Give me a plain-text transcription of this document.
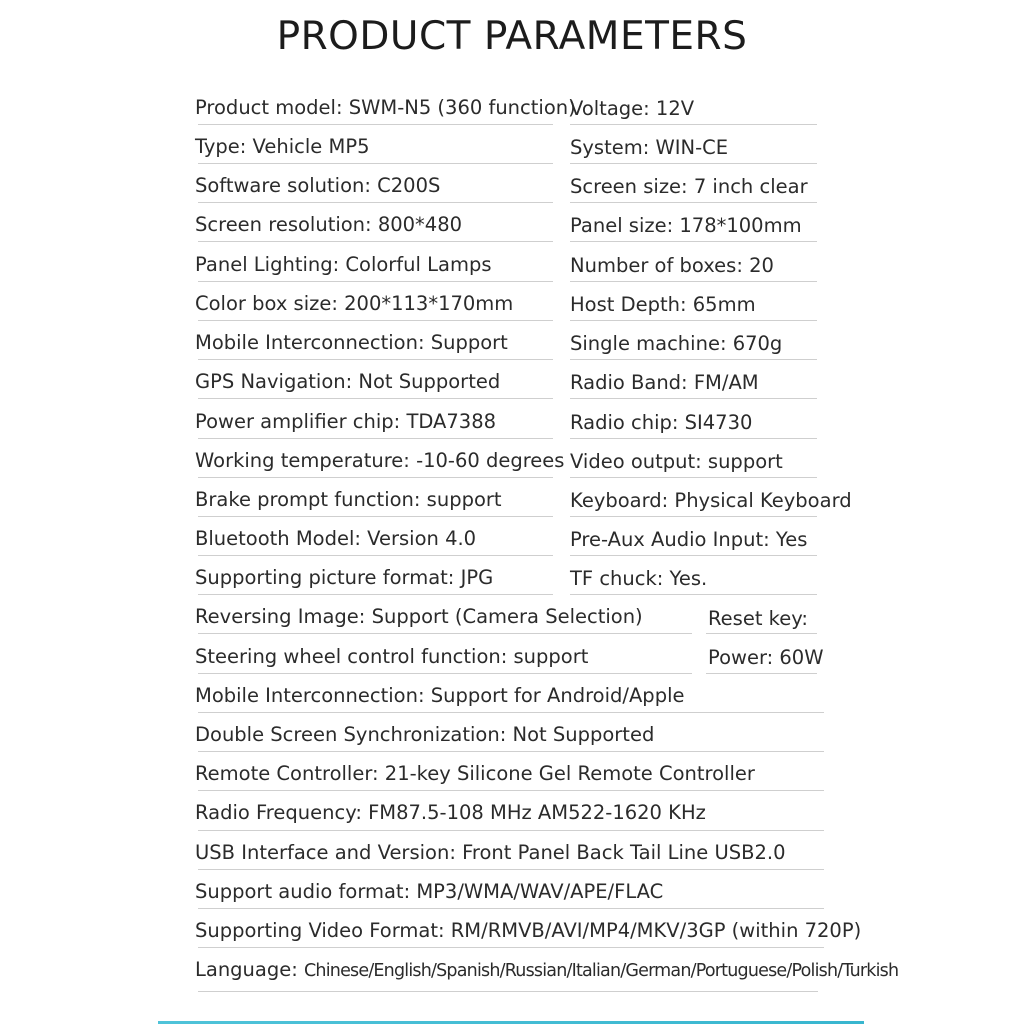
PRODUCT PARAMETERS
Product model: SWM-N5 (360 function)
Type: Vehicle MP5
Software solution: C200S
Screen resolution: 800*480
Panel Lighting: Colorful Lamps
Color box size: 200*113*170mm
Mobile Interconnection: Support
GPS Navigation: Not Supported
Power amplifier chip: TDA7388
Working temperature: -10-60 degrees
Brake prompt function: support
Bluetooth Model: Version 4.0
Supporting picture format: JPG
Reversing Image: Support (Camera Selection)
Steering wheel control function: support
Voltage: 12V
System: WIN-CE
Screen size: 7 inch clear
Panel size: 178*100mm
Number of boxes: 20
Host Depth: 65mm
Single machine: 670g
Radio Band: FM/AM
Radio chip: SI4730
Video output: support
Keyboard: Physical Keyboard
Pre-Aux Audio Input: Yes
TF chuck: Yes.
Reset key:
Power: 60W
Mobile Interconnection: Support for Android/Apple
Double Screen Synchronization: Not Supported
Remote Controller: 21-key Silicone Gel Remote Controller
Radio Frequency: FM87.5-108 MHz AM522-1620 KHz
USB Interface and Version: Front Panel Back Tail Line USB2.0
Support audio format: MP3/WMA/WAV/APE/FLAC
Supporting Video Format: RM/RMVB/AVI/MP4/MKV/3GP (within 720P)
Language: Chinese/English/Spanish/Russian/Italian/German/Portuguese/Polish/Turkish
